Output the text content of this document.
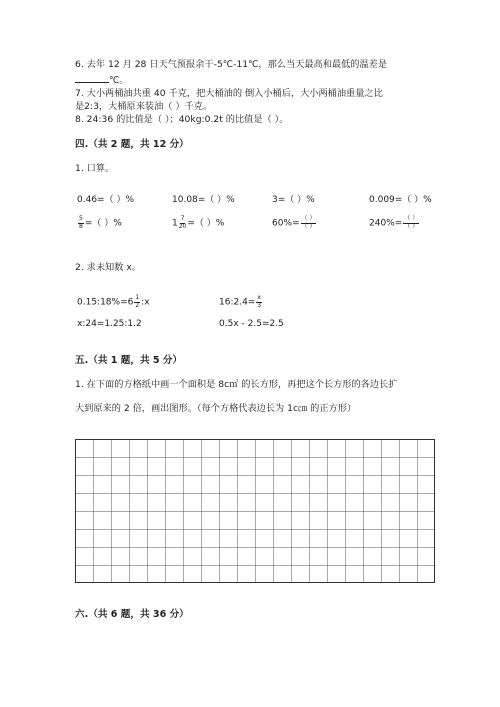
6. 去年 12 月 28 日天气预报余干-5℃-11℃，那么当天最高和最低的温差是
℃。
7. 大小两桶油共重 40 千克，把大桶油的 倒入小桶后，大小两桶油重量之比
是2:3，大桶原来装油（ ）千克。
8. 24:36 的比值是（ ）；40kg:0.2t 的比值是（ ）。
四.（共 2 题，共 12 分）
1. 口算。
0.46=（ ）%	10.08=（ ）%	3=（ ）%	0.009=（ ）%
$\frac{5}{8}$ =（ ）%	$1 \frac{7}{20}$ =（ ）%	$60\%= \frac{( )}{( )}$	$240\%= \frac{( )}{( )}$
2. 求未知数 x。
0.15:18%=6 $\frac{1}{2}$ :x	16:2.4= $\frac{x}{3}$
x:24=1.25:1.2	0.5x - 2.5=2.5
五.（共 1 题，共 5 分）
1. 在下面的方格纸中画一个面积是 8c㎡ 的长方形，再把这个长方形的各边长扩
大到原来的 2 倍，画出图形。（每个方格代表边长为 1c㎝ 的正方形）
六.（共 6 题，共 36 分）
